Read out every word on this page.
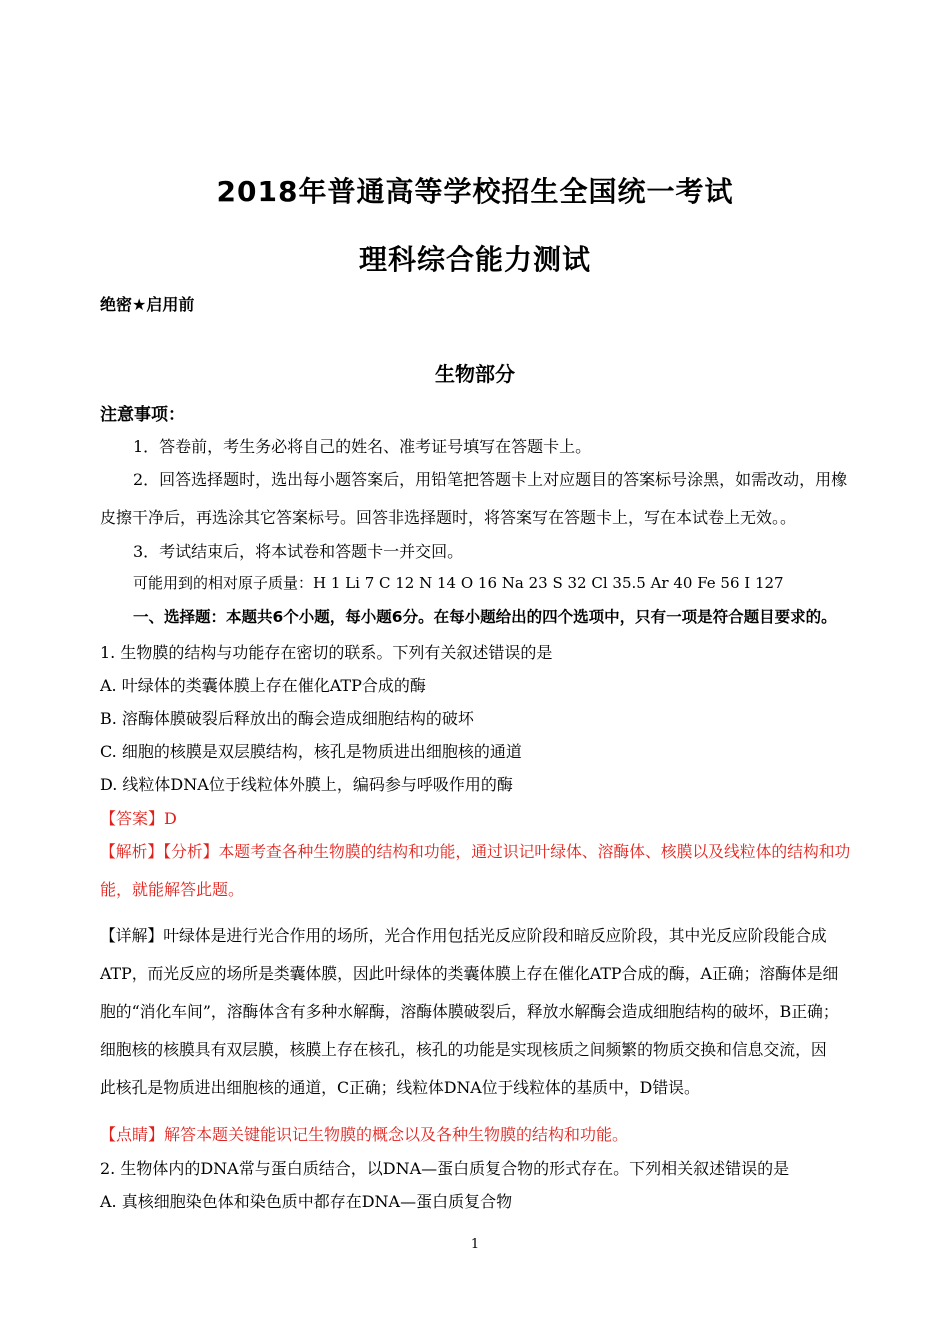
2018年普通高等学校招生全国统一考试
理科综合能力测试
绝密★启用前
生物部分
注意事项：
1．答卷前，考生务必将自己的姓名、准考证号填写在答题卡上。
2．回答选择题时，选出每小题答案后，用铅笔把答题卡上对应题目的答案标号涂黑，如需改动，用橡
皮擦干净后，再选涂其它答案标号。回答非选择题时，将答案写在答题卡上，写在本试卷上无效。。
3．考试结束后，将本试卷和答题卡一并交回。
可能用到的相对原子质量：H 1 Li 7 C 12 N 14 O 16 Na 23 S 32 Cl 35.5 Ar 40 Fe 56 I 127
一、选择题：本题共6个小题，每小题6分。在每小题给出的四个选项中，只有一项是符合题目要求的。
1. 生物膜的结构与功能存在密切的联系。下列有关叙述错误的是
A. 叶绿体的类囊体膜上存在催化ATP合成的酶
B. 溶酶体膜破裂后释放出的酶会造成细胞结构的破坏
C. 细胞的核膜是双层膜结构，核孔是物质进出细胞核的通道
D. 线粒体DNA位于线粒体外膜上，编码参与呼吸作用的酶
【答案】D
【解析】【分析】本题考查各种生物膜的结构和功能，通过识记叶绿体、溶酶体、核膜以及线粒体的结构和功
能，就能解答此题。
【详解】叶绿体是进行光合作用的场所，光合作用包括光反应阶段和暗反应阶段，其中光反应阶段能合成
ATP，而光反应的场所是类囊体膜，因此叶绿体的类囊体膜上存在催化ATP合成的酶，A正确；溶酶体是细
胞的“消化车间”，溶酶体含有多种水解酶，溶酶体膜破裂后，释放水解酶会造成细胞结构的破坏，B正确；
细胞核的核膜具有双层膜，核膜上存在核孔，核孔的功能是实现核质之间频繁的物质交换和信息交流，因
此核孔是物质进出细胞核的通道，C正确；线粒体DNA位于线粒体的基质中，D错误。
【点睛】解答本题关键能识记生物膜的概念以及各种生物膜的结构和功能。
2. 生物体内的DNA常与蛋白质结合，以DNA—蛋白质复合物的形式存在。下列相关叙述错误的是
A. 真核细胞染色体和染色质中都存在DNA—蛋白质复合物
1
